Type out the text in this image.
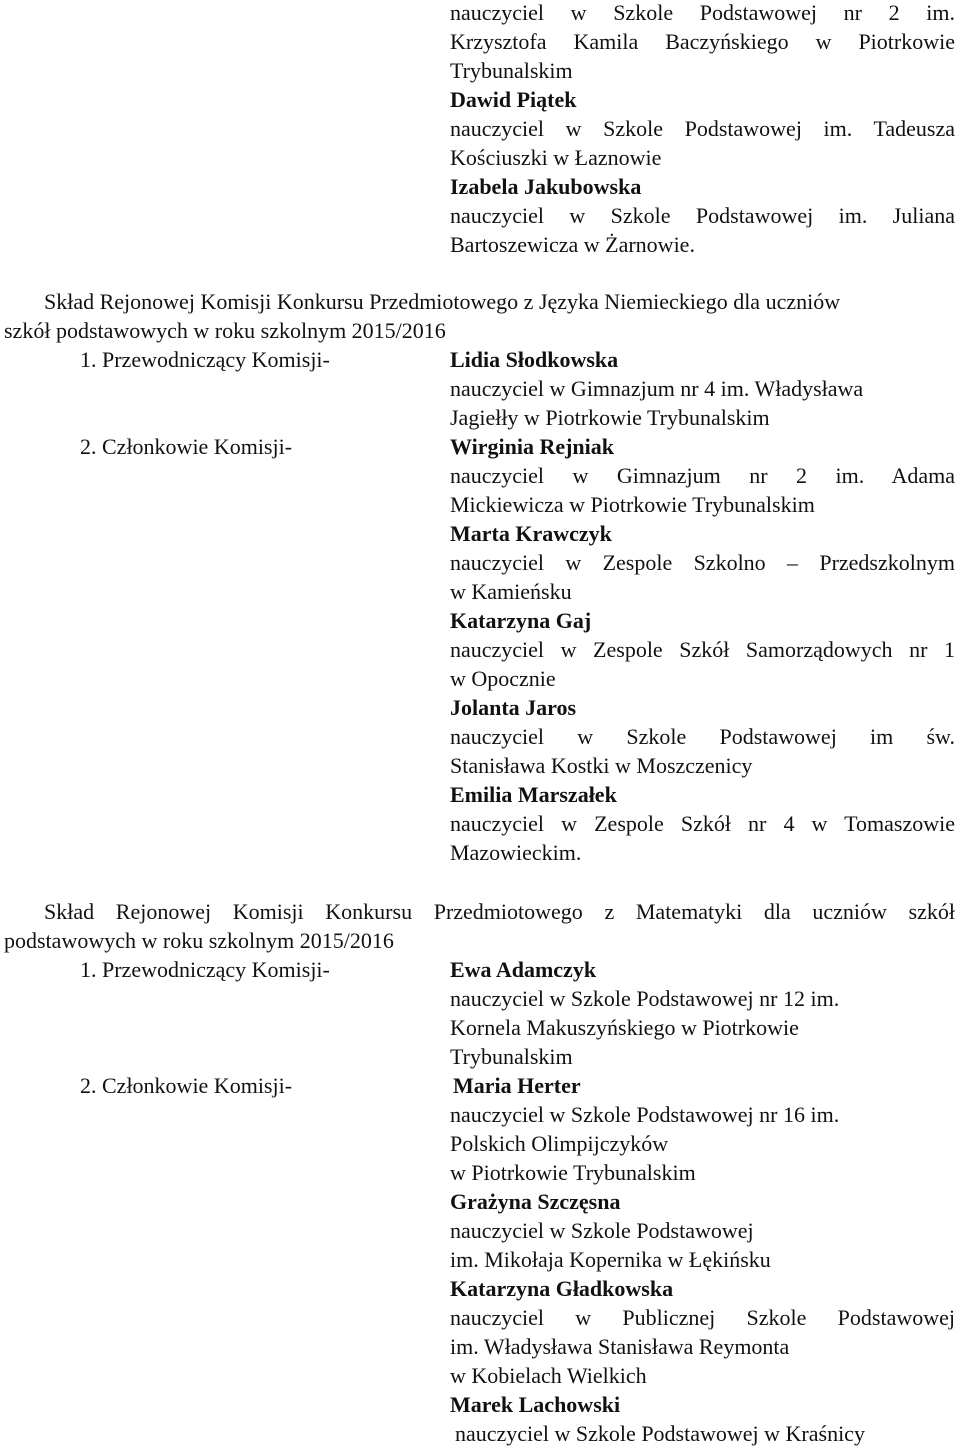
nauczyciel w Szkole Podstawowej nr 2 im.
Krzysztofa Kamila Baczyńskiego w Piotrkowie
Trybunalskim
Dawid Piątek
nauczyciel w Szkole Podstawowej im. Tadeusza
Kościuszki w Łaznowie
Izabela Jakubowska
nauczyciel w Szkole Podstawowej im. Juliana
Bartoszewicza w Żarnowie.
Skład Rejonowej Komisji Konkursu Przedmiotowego z Języka Niemieckiego dla uczniów
szkół podstawowych w roku szkolnym 2015/2016
1. Przewodniczący Komisji-	Lidia Słodkowska
nauczyciel w Gimnazjum nr 4 im. Władysława
Jagiełły w Piotrkowie Trybunalskim
2. Członkowie Komisji-	Wirginia Rejniak
nauczyciel w Gimnazjum nr 2 im. Adama
Mickiewicza w Piotrkowie Trybunalskim
Marta Krawczyk
nauczyciel w Zespole Szkolno – Przedszkolnym
w Kamieńsku
Katarzyna Gaj
nauczyciel w Zespole Szkół Samorządowych nr 1
w Opocznie
Jolanta Jaros
nauczyciel w Szkole Podstawowej im św.
Stanisława Kostki w Moszczenicy
Emilia Marszałek
nauczyciel w Zespole Szkół nr 4 w Tomaszowie
Mazowieckim.
Skład Rejonowej Komisji Konkursu Przedmiotowego z Matematyki dla uczniów szkół
podstawowych w roku szkolnym 2015/2016
1. Przewodniczący Komisji-	Ewa Adamczyk
nauczyciel w Szkole Podstawowej nr 12 im.
Kornela Makuszyńskiego w Piotrkowie
Trybunalskim
2. Członkowie Komisji-	Maria Herter
nauczyciel w Szkole Podstawowej nr 16 im.
Polskich Olimpijczyków
w Piotrkowie Trybunalskim
Grażyna Szczęsna
nauczyciel w Szkole Podstawowej
im. Mikołaja Kopernika w Łękińsku
Katarzyna Gładkowska
nauczyciel w Publicznej Szkole Podstawowej
im. Władysława Stanisława Reymonta
w Kobielach Wielkich
Marek Lachowski
nauczyciel w Szkole Podstawowej w Kraśnicy
